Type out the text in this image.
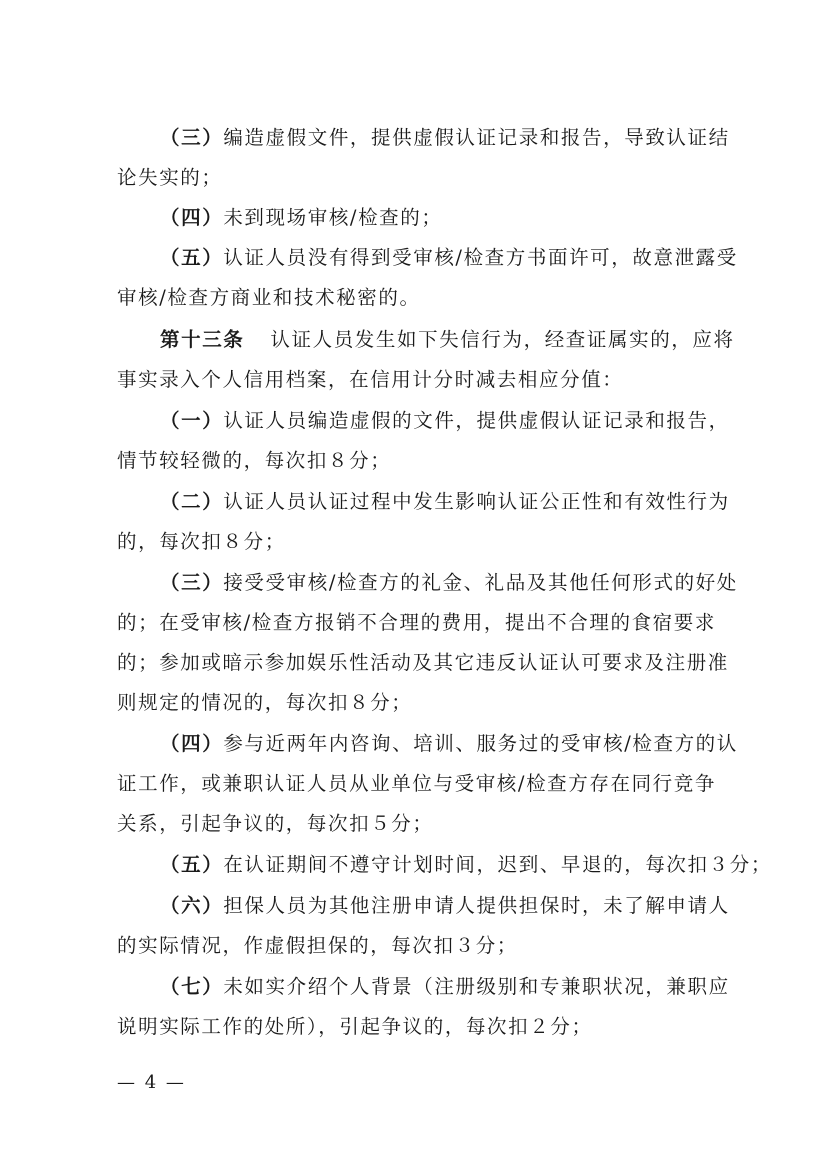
（三）编造虚假文件，提供虚假认证记录和报告，导致认证结
论失实的；
（四）未到现场审核/检查的；
（五）认证人员没有得到受审核/检查方书面许可，故意泄露受
审核/检查方商业和技术秘密的。
第十三条 认证人员发生如下失信行为，经查证属实的，应将
事实录入个人信用档案，在信用计分时减去相应分值：
（一）认证人员编造虚假的文件，提供虚假认证记录和报告，
情节较轻微的，每次扣８分；
（二）认证人员认证过程中发生影响认证公正性和有效性行为
的，每次扣８分；
（三）接受受审核/检查方的礼金、礼品及其他任何形式的好处
的；在受审核/检查方报销不合理的费用，提出不合理的食宿要求
的；参加或暗示参加娱乐性活动及其它违反认证认可要求及注册准
则规定的情况的，每次扣８分；
（四）参与近两年内咨询、培训、服务过的受审核/检查方的认
证工作，或兼职认证人员从业单位与受审核/检查方存在同行竞争
关系，引起争议的，每次扣５分；
（五）在认证期间不遵守计划时间，迟到、早退的，每次扣３分；
（六）担保人员为其他注册申请人提供担保时，未了解申请人
的实际情况，作虚假担保的，每次扣３分；
（七）未如实介绍个人背景（注册级别和专兼职状况，兼职应
说明实际工作的处所），引起争议的，每次扣２分；
— 4 —
